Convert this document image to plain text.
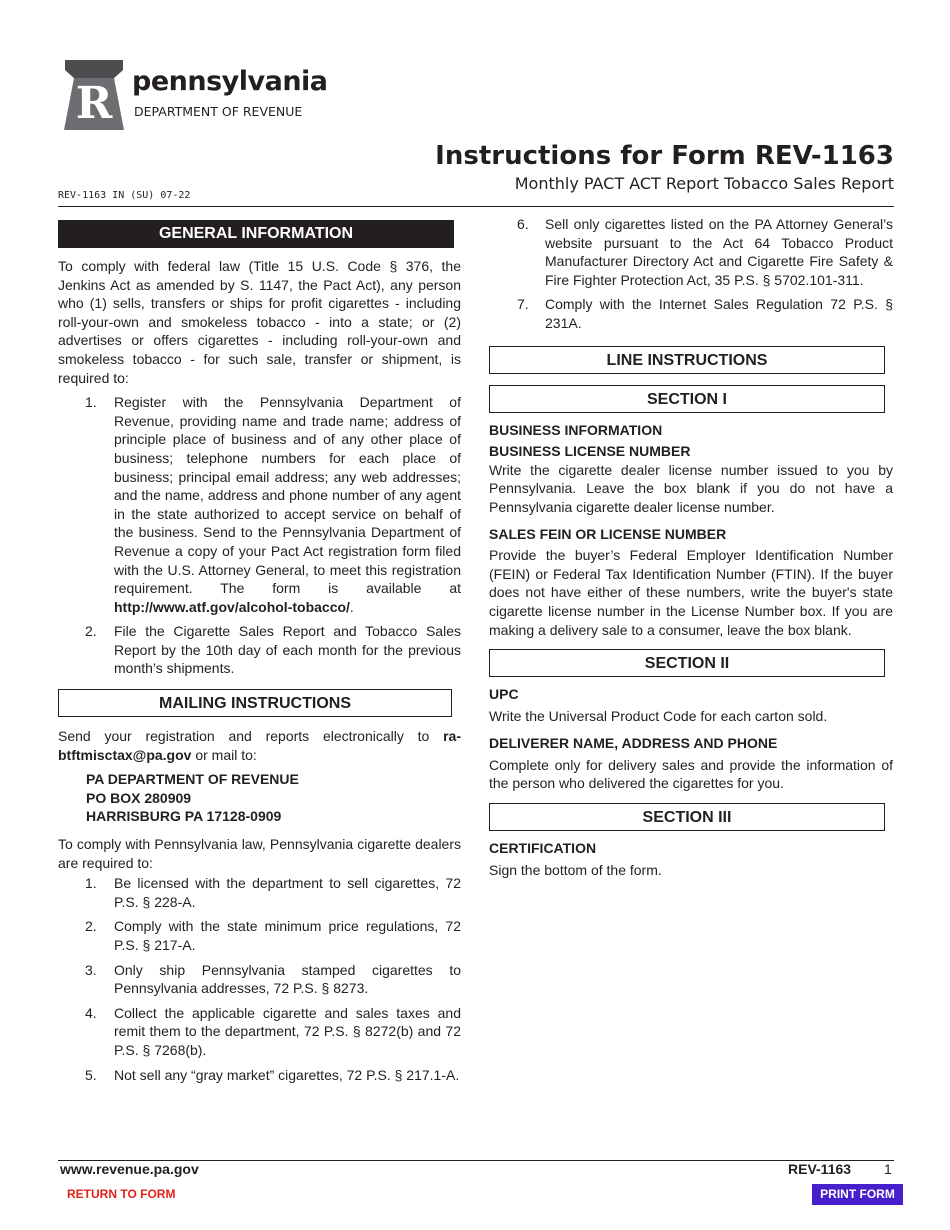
R pennsylvania
DEPARTMENT OF REVENUE
Instructions for Form REV-1163
Monthly PACT ACT Report Tobacco Sales Report
REV-1163 IN (SU) 07-22
GENERAL INFORMATION

To comply with federal law (Title 15 U.S. Code § 376, the Jenkins Act as amended by S. 1147, the Pact Act), any person who (1) sells, transfers or ships for profit cigarettes - including roll-your-own and smokeless tobacco - into a state; or (2) advertises or offers cigarettes - including roll-your-own and smokeless tobacco - for such sale, transfer or shipment, is required to:

1. Register with the Pennsylvania Department of Revenue, providing name and trade name; address of principle place of business and of any other place of business; telephone numbers for each place of business; principal email address; any web addresses; and the name, address and phone number of any agent in the state authorized to accept service on behalf of the business. Send to the Pennsylvania Department of Revenue a copy of your Pact Act registration form filed with the U.S. Attorney General, to meet this registration requirement. The form is available at http://www.atf.gov/alcohol-tobacco/.
2. File the Cigarette Sales Report and Tobacco Sales Report by the 10th day of each month for the previous month’s shipments.
MAILING INSTRUCTIONS

Send your registration and reports electronically to ra-btftmisctax@pa.gov or mail to:

PA DEPARTMENT OF REVENUE
PO BOX 280909
HARRISBURG PA 17128-0909

To comply with Pennsylvania law, Pennsylvania cigarette dealers are required to:

1. Be licensed with the department to sell cigarettes, 72 P.S. § 228-A.
2. Comply with the state minimum price regulations, 72 P.S. § 217-A.
3. Only ship Pennsylvania stamped cigarettes to Pennsylvania addresses, 72 P.S. § 8273.
4. Collect the applicable cigarette and sales taxes and remit them to the department, 72 P.S. § 8272(b) and 72 P.S. § 7268(b).
5. Not sell any “gray market” cigarettes, 72 P.S. § 217.1-A.
6. Sell only cigarettes listed on the PA Attorney General’s website pursuant to the Act 64 Tobacco Product Manufacturer Directory Act and Cigarette Fire Safety & Fire Fighter Protection Act, 35 P.S. § 5702.101-311.
7. Comply with the Internet Sales Regulation 72 P.S. § 231A.
LINE INSTRUCTIONS
SECTION I

BUSINESS INFORMATION

BUSINESS LICENSE NUMBER

Write the cigarette dealer license number issued to you by Pennsylvania. Leave the box blank if you do not have a Pennsylvania cigarette dealer license number.

SALES FEIN OR LICENSE NUMBER

Provide the buyer’s Federal Employer Identification Number (FEIN) or Federal Tax Identification Number (FTIN). If the buyer does not have either of these numbers, write the buyer's state cigarette license number in the License Number box. If you are making a delivery sale to a consumer, leave the box blank.

SECTION II

UPC

Write the Universal Product Code for each carton sold.

DELIVERER NAME, ADDRESS AND PHONE

Complete only for delivery sales and provide the information of the person who delivered the cigarettes for you.

SECTION III

CERTIFICATION

Sign the bottom of the form.

www.revenue.pa.gov	REV-1163 1
RETURN TO FORM	PRINT FORM
